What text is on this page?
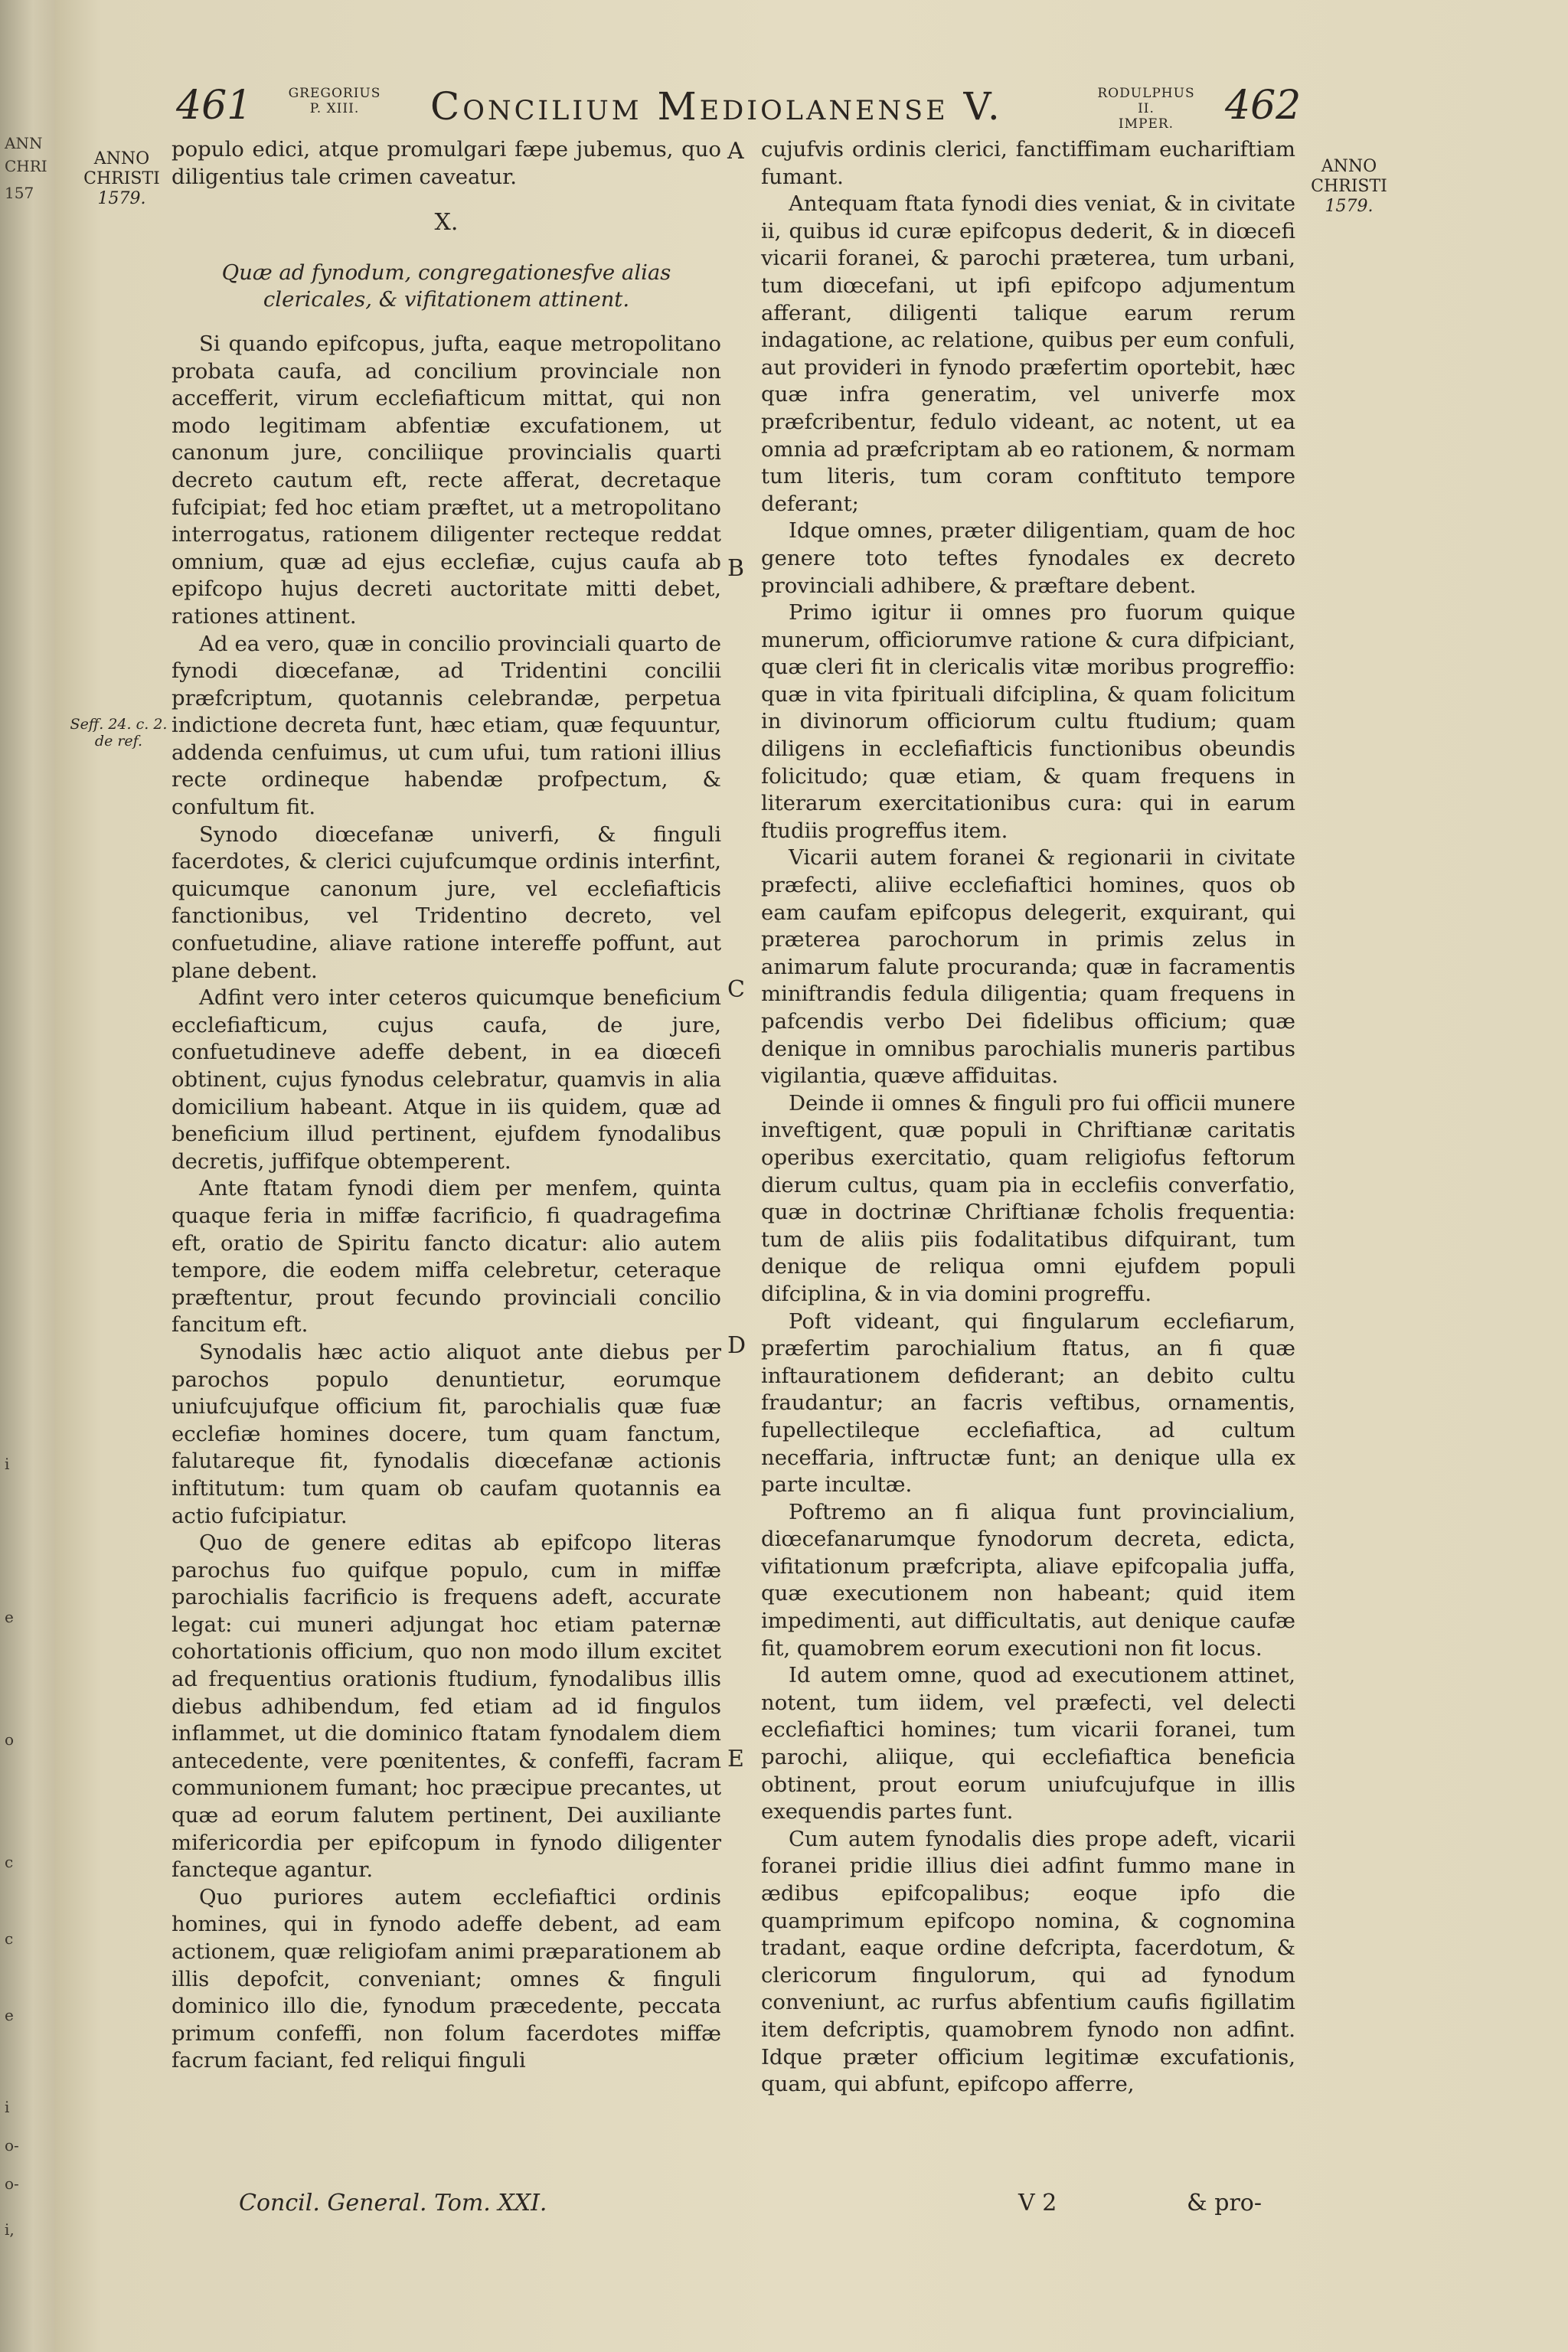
ANN
CHRI
157
i
e
o
c
c
e
i
o-
o-
i,
461	GREGORIUS
P. XIII.	Concilium Mediolanense V.	RODULPHUS II.
IMPER.	462
ANNO
CHRISTI
1579.
Seff. 24. c. 2.
de ref.
ANNO
CHRISTI
1579.
A
B
C
D
E

populo edici, atque promulgari fæpe jubemus, quo diligentius tale crimen caveatur.

X.

Quæ ad fynodum, congregationesfve alias clericales, & vifitationem attinent.

Si quando epifcopus, jufta, eaque metropolitano probata caufa, ad concilium provinciale non accefferit, virum ecclefiafticum mittat, qui non modo legitimam abfentiæ excufationem, ut canonum jure, conciliique provincialis quarti decreto cautum eft, recte afferat, decretaque fufcipiat; fed hoc etiam præftet, ut a metropolitano interrogatus, rationem diligenter recteque reddat omnium, quæ ad ejus ecclefiæ, cujus caufa ab epifcopo hujus decreti auctoritate mitti debet, rationes attinent.

Ad ea vero, quæ in concilio provinciali quarto de fynodi diœcefanæ, ad Tridentini concilii præfcriptum, quotannis celebrandæ, perpetua indictione decreta funt, hæc etiam, quæ fequuntur, addenda cenfuimus, ut cum ufui, tum rationi illius recte ordineque habendæ profpectum, & confultum fit.

Synodo diœcefanæ univerfi, & finguli facerdotes, & clerici cujufcumque ordinis interfint, quicumque canonum jure, vel ecclefiafticis fanctionibus, vel Tridentino decreto, vel confuetudine, aliave ratione intereffe poffunt, aut plane debent.

Adfint vero inter ceteros quicumque beneficium ecclefiafticum, cujus caufa, de jure, confuetudineve adeffe debent, in ea diœcefi obtinent, cujus fynodus celebratur, quamvis in alia domicilium habeant. Atque in iis quidem, quæ ad beneficium illud pertinent, ejufdem fynodalibus decretis, juffifque obtemperent.

Ante ftatam fynodi diem per menfem, quinta quaque feria in miffæ facrificio, fi quadragefima eft, oratio de Spiritu fancto dicatur: alio autem tempore, die eodem miffa celebretur, ceteraque præftentur, prout fecundo provinciali concilio fancitum eft.

Synodalis hæc actio aliquot ante diebus per parochos populo denuntietur, eorumque uniufcujufque officium fit, parochialis quæ fuæ ecclefiæ homines docere, tum quam fanctum, falutareque fit, fynodalis diœcefanæ actionis inftitutum: tum quam ob caufam quotannis ea actio fufcipiatur.

Quo de genere editas ab epifcopo literas parochus fuo quifque populo, cum in miffæ parochialis facrificio is frequens adeft, accurate legat: cui muneri adjungat hoc etiam paternæ cohortationis officium, quo non modo illum excitet ad frequentius orationis ftudium, fynodalibus illis diebus adhibendum, fed etiam ad id fingulos inflammet, ut die dominico ftatam fynodalem diem antecedente, vere pœnitentes, & confeffi, facram communionem fumant; hoc præcipue precantes, ut quæ ad eorum falutem pertinent, Dei auxiliante mifericordia per epifcopum in fynodo diligenter fancteque agantur.

Quo puriores autem ecclefiaftici ordinis homines, qui in fynodo adeffe debent, ad eam actionem, quæ religiofam animi præparationem ab illis depofcit, conveniant; omnes & finguli dominico illo die, fynodum præcedente, peccata primum confeffi, non folum facerdotes miffæ facrum faciant, fed reliqui finguli

cujufvis ordinis clerici, fanctiffimam euchariftiam fumant.

Antequam ftata fynodi dies veniat, & in civitate ii, quibus id curæ epifcopus dederit, & in diœcefi vicarii foranei, & parochi præterea, tum urbani, tum diœcefani, ut ipfi epifcopo adjumentum afferant, diligenti talique earum rerum indagatione, ac relatione, quibus per eum confuli, aut provideri in fynodo præfertim oportebit, hæc quæ infra generatim, vel univerfe mox præfcribentur, fedulo videant, ac notent, ut ea omnia ad præfcriptam ab eo rationem, & normam tum literis, tum coram conftituto tempore deferant;

Idque omnes, præter diligentiam, quam de hoc genere toto teftes fynodales ex decreto provinciali adhibere, & præftare debent.

Primo igitur ii omnes pro fuorum quique munerum, officiorumve ratione & cura difpiciant, quæ cleri fit in clericalis vitæ moribus progreffio: quæ in vita fpirituali difciplina, & quam folicitum in divinorum officiorum cultu ftudium; quam diligens in ecclefiafticis functionibus obeundis folicitudo; quæ etiam, & quam frequens in literarum exercitationibus cura: qui in earum ftudiis progreffus item.

Vicarii autem foranei & regionarii in civitate præfecti, aliive ecclefiaftici homines, quos ob eam caufam epifcopus delegerit, exquirant, qui præterea parochorum in primis zelus in animarum falute procuranda; quæ in facramentis miniftrandis fedula diligentia; quam frequens in pafcendis verbo Dei fidelibus officium; quæ denique in omnibus parochialis muneris partibus vigilantia, quæve affiduitas.

Deinde ii omnes & finguli pro fui officii munere inveftigent, quæ populi in Chriftianæ caritatis operibus exercitatio, quam religiofus feftorum dierum cultus, quam pia in ecclefiis converfatio, quæ in doctrinæ Chriftianæ fcholis frequentia: tum de aliis piis fodalitatibus difquirant, tum denique de reliqua omni ejufdem populi difciplina, & in via domini progreffu.

Poft videant, qui fingularum ecclefiarum, præfertim parochialium ftatus, an fi quæ inftaurationem defiderant; an debito cultu fraudantur; an facris veftibus, ornamentis, fupellectileque ecclefiaftica, ad cultum neceffaria, inftructæ funt; an denique ulla ex parte incultæ.

Poftremo an fi aliqua funt provincialium, diœcefanarumque fynodorum decreta, edicta, vifitationum præfcripta, aliave epifcopalia juffa, quæ executionem non habeant; quid item impedimenti, aut difficultatis, aut denique caufæ fit, quamobrem eorum executioni non fit locus.

Id autem omne, quod ad executionem attinet, notent, tum iidem, vel præfecti, vel delecti ecclefiaftici homines; tum vicarii foranei, tum parochi, aliique, qui ecclefiaftica beneficia obtinent, prout eorum uniufcujufque in illis exequendis partes funt.

Cum autem fynodalis dies prope adeft, vicarii foranei pridie illius diei adfint fummo mane in ædibus epifcopalibus; eoque ipfo die quamprimum epifcopo nomina, & cognomina tradant, eaque ordine defcripta, facerdotum, & clericorum fingulorum, qui ad fynodum conveniunt, ac rurfus abfentium caufis figillatim item defcriptis, quamobrem fynodo non adfint. Idque præter officium legitimæ excufationis, quam, qui abfunt, epifcopo afferre,

Concil. General. Tom. XXI.	V 2	& pro-
